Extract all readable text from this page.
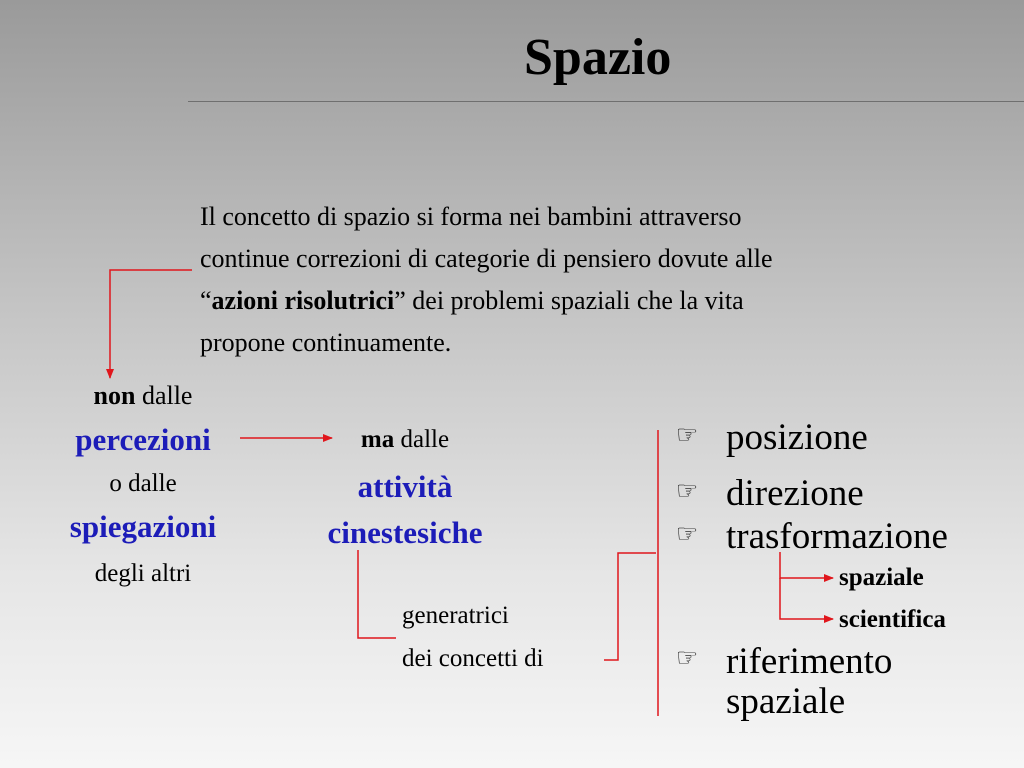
Spazio

Il concetto di spazio si forma nei bambini attraverso
continue correzioni di categorie di pensiero dovute alle
“azioni risolutrici” dei problemi spaziali che la vita
propone continuamente.

non dalle
percezioni
o dalle
spiegazioni
degli altri
ma dalle
attività
cinestesiche
generatrici
dei concetti di
☞ posizione
☞ direzione
☞ trasformazione
spaziale
scientifica
☞ riferimento
spaziale
